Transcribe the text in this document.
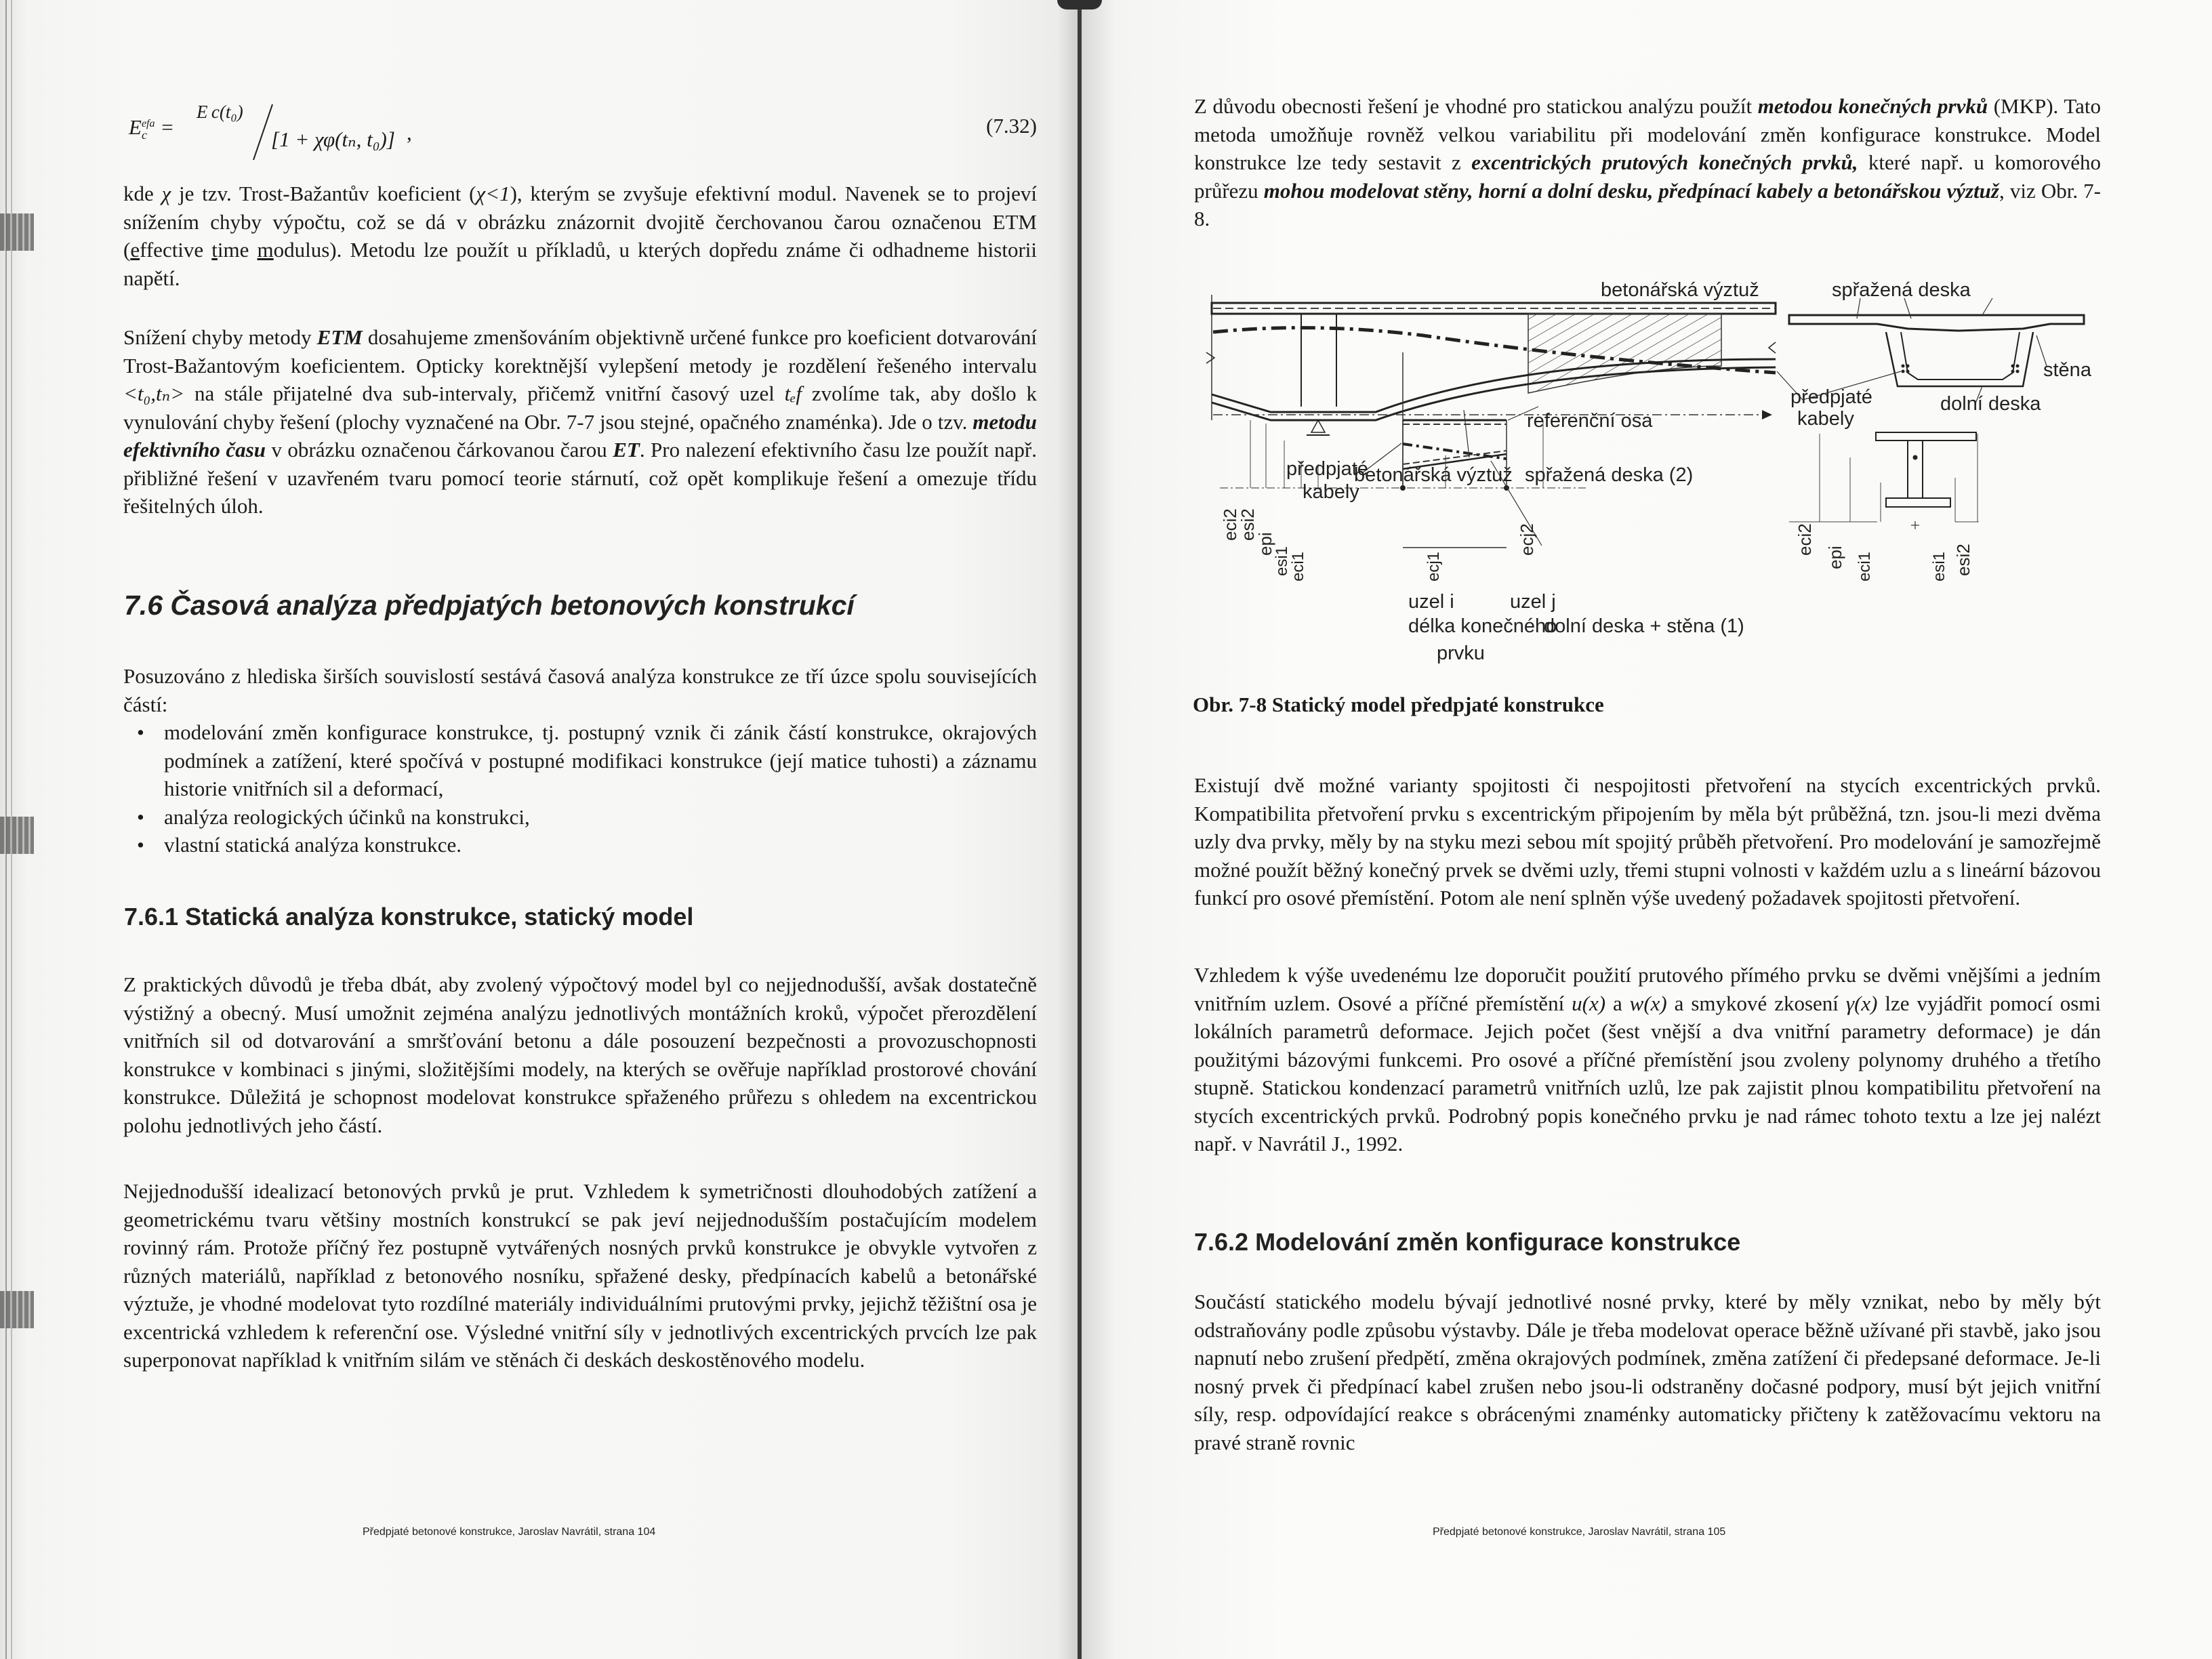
$E_c^{efa}$ =
E c(t₀)
[1 + χφ(tₙ, t₀)] ,	(7.32)

kde χ je tzv. Trost-Bažantův koeficient (χ<1), kterým se zvyšuje efektivní modul. Navenek se to projeví snížením chyby výpočtu, což se dá v obrázku znázornit dvojitě čerchovanou čarou označenou ETM (effective time modulus). Metodu lze použít u příkladů, u kterých dopředu známe či odhadneme historii napětí.

Snížení chyby metody ETM dosahujeme zmenšováním objektivně určené funkce pro koeficient dotvarování Trost-Bažantovým koeficientem. Opticky korektnější vylepšení metody je rozdělení řešeného intervalu <t₀,tₙ> na stále přijatelné dva sub-intervaly, přičemž vnitřní časový uzel tₑf zvolíme tak, aby došlo k vynulování chyby řešení (plochy vyznačené na Obr. 7-7 jsou stejné, opačného znaménka). Jde o tzv. metodu efektivního času v obrázku označenou čárkovanou čarou ET. Pro nalezení efektivního času lze použít např. přibližné řešení v uzavřeném tvaru pomocí teorie stárnutí, což opět komplikuje řešení a omezuje třídu řešitelných úloh.

7.6 Časová analýza předpjatých betonových konstrukcí

Posuzováno z hlediska širších souvislostí sestává časová analýza konstrukce ze tří úzce spolu souvisejících částí:

• modelování změn konfigurace konstrukce, tj. postupný vznik či zánik částí konstrukce, okrajových podmínek a zatížení, které spočívá v postupné modifikaci konstrukce (její matice tuhosti) a záznamu historie vnitřních sil a deformací,
• analýza reologických účinků na konstrukci,
• vlastní statická analýza konstrukce.
7.6.1 Statická analýza konstrukce, statický model
Z praktických důvodů je třeba dbát, aby zvolený výpočtový model byl co nejjednodušší, avšak dostatečně výstižný a obecný. Musí umožnit zejména analýzu jednotlivých montážních kroků, výpočet přerozdělení vnitřních sil od dotvarování a smršťování betonu a dále posouzení bezpečnosti a provozuschopnosti konstrukce v kombinaci s jinými, složitějšími modely, na kterých se ověřuje například prostorové chování konstrukce. Důležitá je schopnost modelovat konstrukce spřaženého průřezu s ohledem na excentrickou polohu jednotlivých jeho částí.
Nejjednodušší idealizací betonových prvků je prut. Vzhledem k symetričnosti dlouhodobých zatížení a geometrickému tvaru většiny mostních konstrukcí se pak jeví nejjednodušším postačujícím modelem rovinný rám. Protože příčný řez postupně vytvářených nosných prvků konstrukce je obvykle vytvořen z různých materiálů, například z betonového nosníku, spřažené desky, předpínacích kabelů a betonářské výztuže, je vhodné modelovat tyto rozdílné materiály individuálními prutovými prvky, jejichž těžištní osa je excentrická vzhledem k referenční ose. Výsledné vnitřní síly v jednotlivých excentrických prvcích lze pak superponovat například k vnitřním silám ve stěnách či deskách deskostěnového modelu.
Předpjaté betonové konstrukce, Jaroslav Navrátil, strana 104

Z důvodu obecnosti řešení je vhodné pro statickou analýzu použít metodou konečných prvků (MKP). Tato metoda umožňuje rovněž velkou variabilitu při modelování změn konfigurace konstrukce. Model konstrukce lze tedy sestavit z excentrických prutových konečných prvků, které např. u komorového průřezu mohou modelovat stěny, horní a dolní desku, předpínací kabely a betonářskou výztuž, viz Obr. 7-8.

betonářská výztuž	spřažená deska
stěna
předpjaté
kabely
dolní deska
referenční osa
předpjaté
kabely
betonářská výztuž spřažená deska (2)
uzel i	uzel j
délka konečného
prvku
dolní deska + stěna (1)
eci2
esi2
epi
esi1
eci1	ecj1
ecj2	eci2
epi eci1	esi1 esi2
Obr. 7-8 Statický model předpjaté konstrukce
Existují dvě možné varianty spojitosti či nespojitosti přetvoření na stycích excentrických prvků. Kompatibilita přetvoření prvku s excentrickým připojením by měla být průběžná, tzn. jsou-li mezi dvěma uzly dva prvky, měly by na styku mezi sebou mít spojitý průběh přetvoření. Pro modelování je samozřejmě možné použít běžný konečný prvek se dvěmi uzly, třemi stupni volnosti v každém uzlu a s lineární bázovou funkcí pro osové přemístění. Potom ale není splněn výše uvedený požadavek spojitosti přetvoření.

Vzhledem k výše uvedenému lze doporučit použití prutového přímého prvku se dvěmi vnějšími a jedním vnitřním uzlem. Osové a příčné přemístění u(x) a w(x) a smykové zkosení γ(x) lze vyjádřit pomocí osmi lokálních parametrů deformace. Jejich počet (šest vnější a dva vnitřní parametry deformace) je dán použitými bázovými funkcemi. Pro osové a příčné přemístění jsou zvoleny polynomy druhého a třetího stupně. Statickou kondenzací parametrů vnitřních uzlů, lze pak zajistit plnou kompatibilitu přetvoření na stycích excentrických prvků. Podrobný popis konečného prvku je nad rámec tohoto textu a lze jej nalézt např. v Navrátil J., 1992.

7.6.2 Modelování změn konfigurace konstrukce
Součástí statického modelu bývají jednotlivé nosné prvky, které by měly vznikat, nebo by měly být odstraňovány podle způsobu výstavby. Dále je třeba modelovat operace běžně užívané při stavbě, jako jsou napnutí nebo zrušení předpětí, změna okrajových podmínek, změna zatížení či předepsané deformace. Je-li nosný prvek či předpínací kabel zrušen nebo jsou-li odstraněny dočasné podpory, musí být jejich vnitřní síly, resp. odpovídající reakce s obrácenými znaménky automaticky přičteny k zatěžovacímu vektoru na pravé straně rovnic
Předpjaté betonové konstrukce, Jaroslav Navrátil, strana 105
